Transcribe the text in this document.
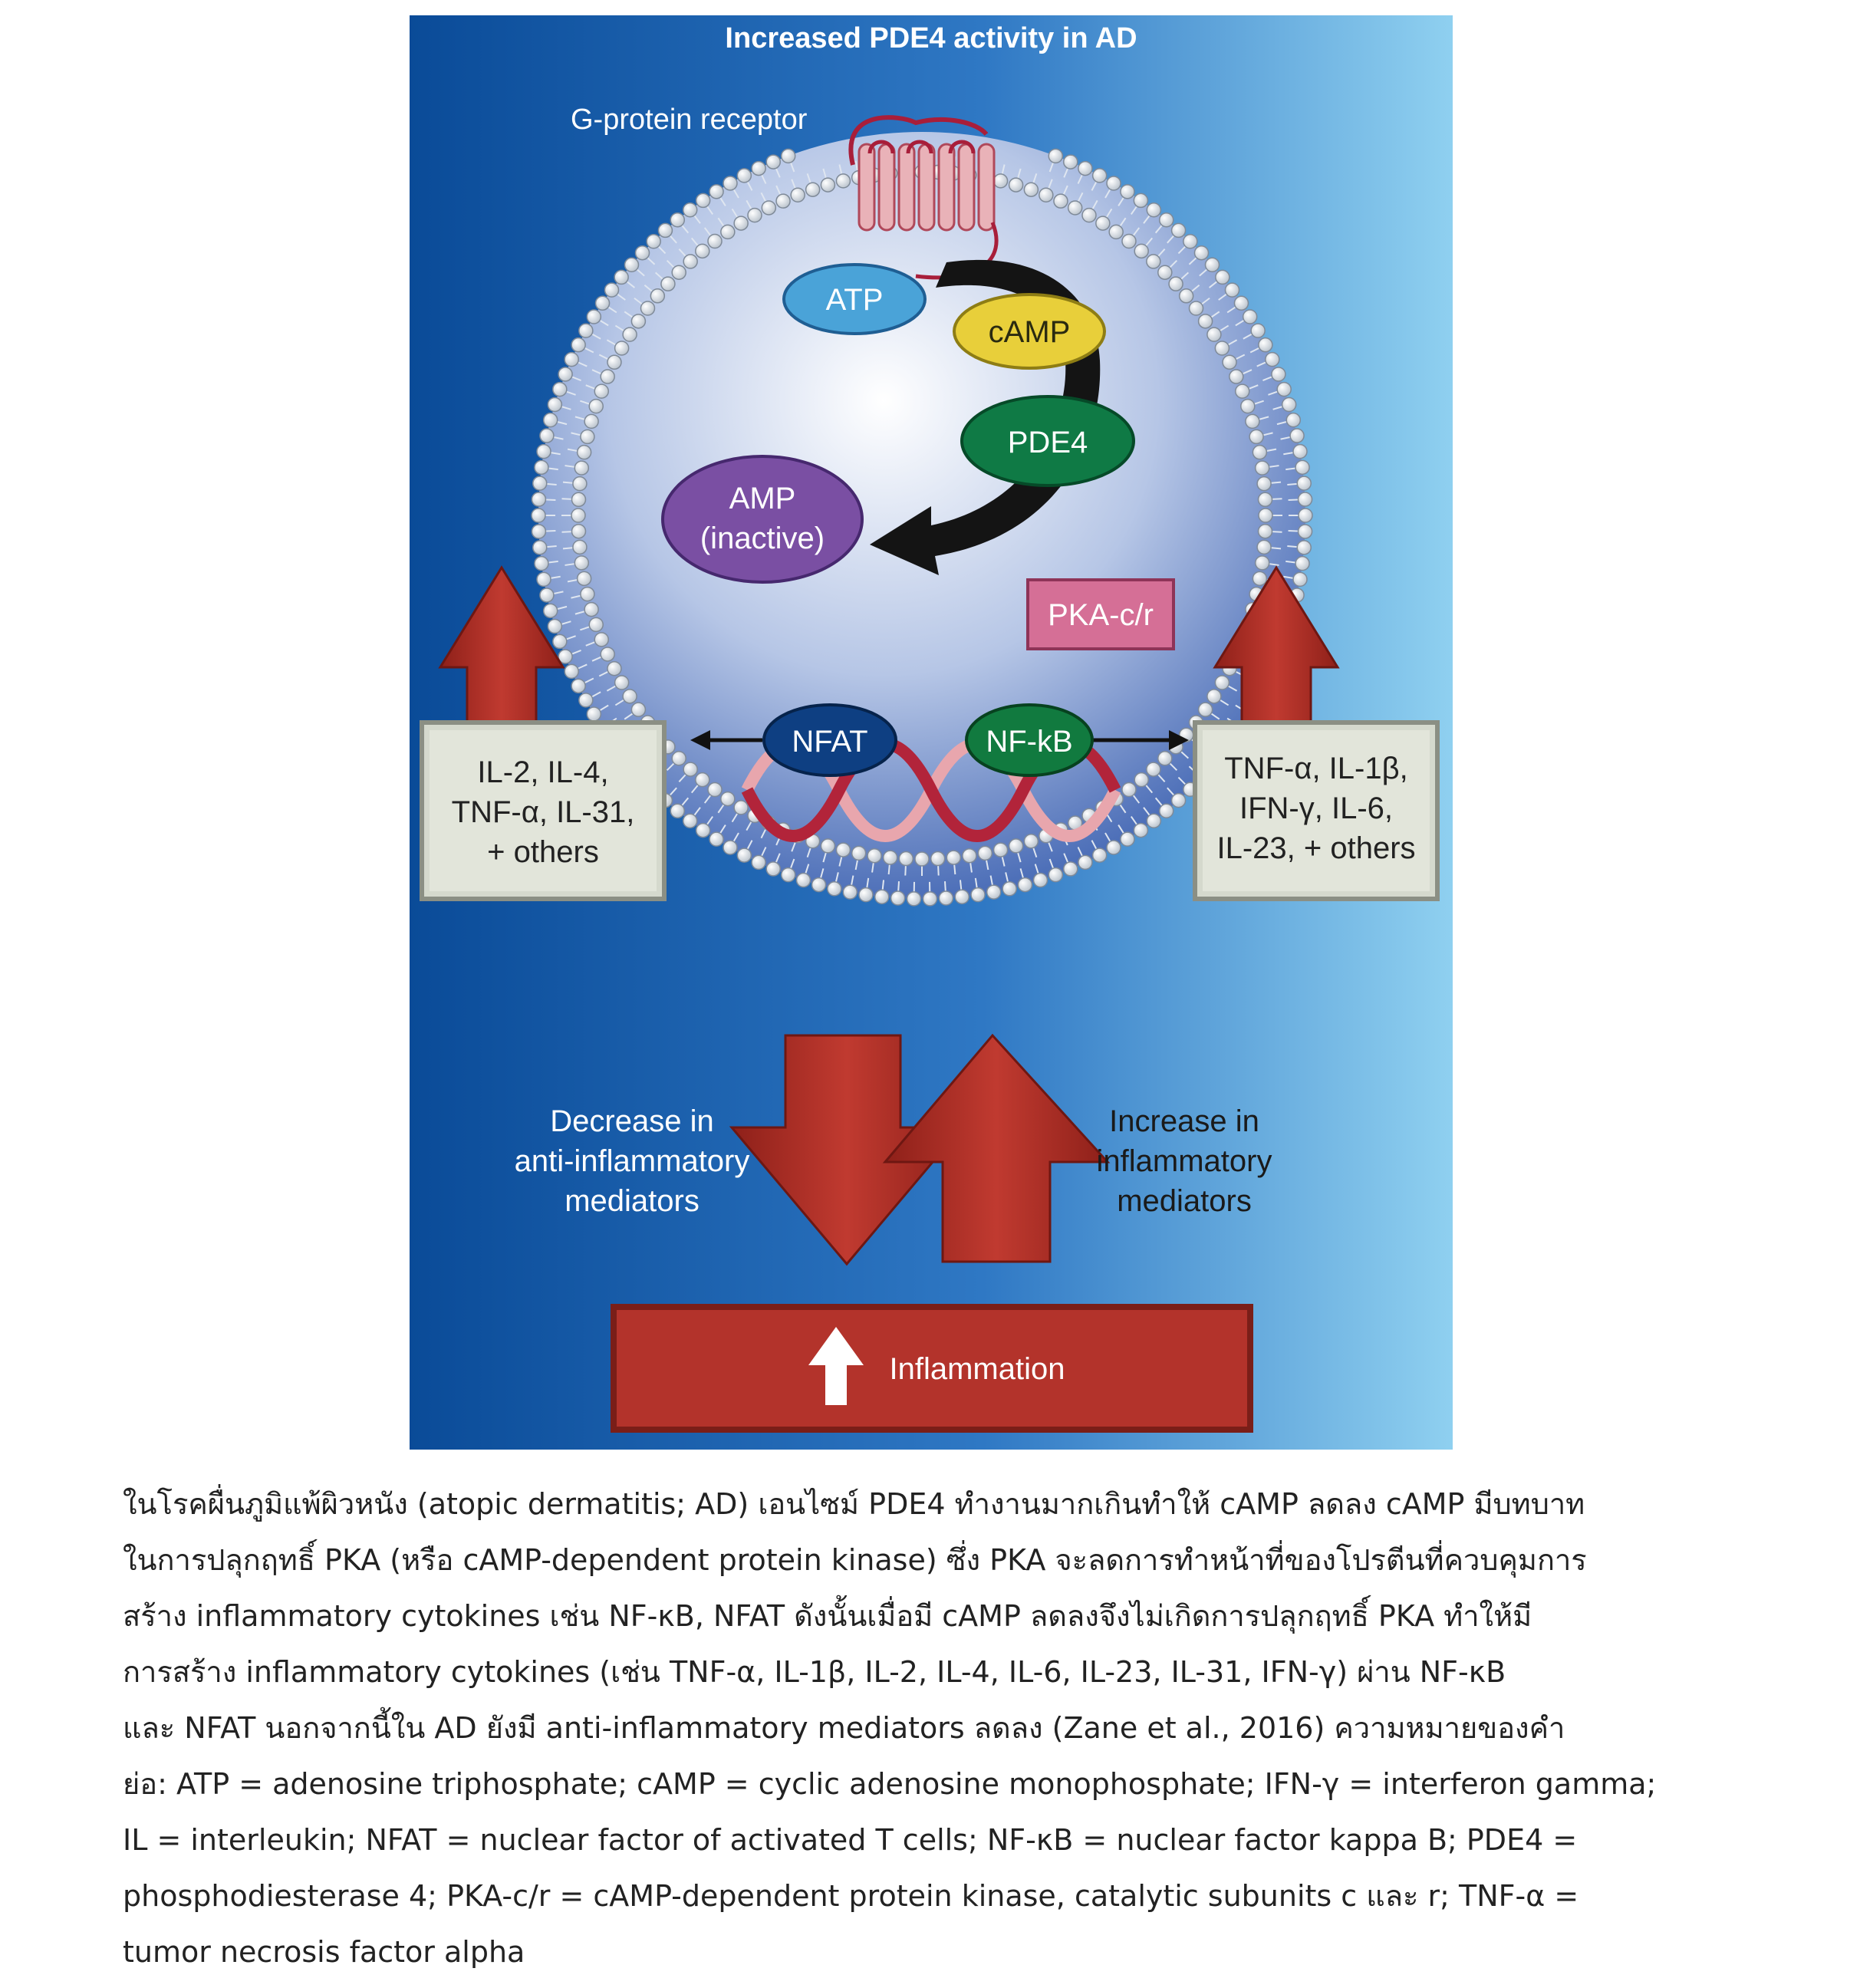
Increased PDE4 activity in AD
G-protein receptor
ATP
cAMP
PDE4
AMP
(inactive)
PKA-c/r
NFAT	NF-kB
IL-2, IL-4,
TNF-α, IL-31,
+ others
TNF-α, IL-1β,
IFN-γ, IL-6,
IL-23, + others
Decrease in
anti-inflammatory
mediators
Increase in
inflammatory
mediators
Inflammation
ในโรคผื่นภูมิแพ้ผิวหนัง (atopic dermatitis; AD) เอนไซม์ PDE4 ทำงานมากเกินทำให้ cAMP ลดลง cAMP มีบทบาท
ในการปลุกฤทธิ์ PKA (หรือ cAMP-dependent protein kinase) ซึ่ง PKA จะลดการทำหน้าที่ของโปรตีนที่ควบคุมการ
สร้าง inflammatory cytokines เช่น NF-κB, NFAT ดังนั้นเมื่อมี cAMP ลดลงจึงไม่เกิดการปลุกฤทธิ์ PKA ทำให้มี
การสร้าง inflammatory cytokines (เช่น TNF-α, IL-1β, IL-2, IL-4, IL-6, IL-23, IL-31, IFN-γ) ผ่าน NF-κB
และ NFAT นอกจากนี้ใน AD ยังมี anti-inflammatory mediators ลดลง (Zane et al., 2016) ความหมายของคำ
ย่อ: ATP = adenosine triphosphate; cAMP = cyclic adenosine monophosphate; IFN-γ = interferon gamma;
IL = interleukin; NFAT = nuclear factor of activated T cells; NF-κB = nuclear factor kappa B; PDE4 =
phosphodiesterase 4; PKA-c/r = cAMP-dependent protein kinase, catalytic subunits c และ r; TNF-α =
tumor necrosis factor alpha
